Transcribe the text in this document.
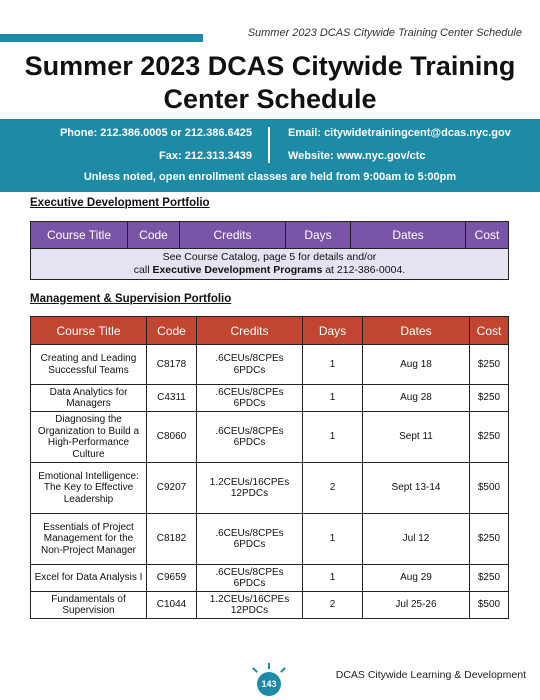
Summer 2023 DCAS Citywide Training Center Schedule
Summer 2023 DCAS Citywide Training
Center Schedule
Phone: 212.386.0005 or 212.386.6425
Fax: 212.313.3439
Email: citywidetrainingcent@dcas.nyc.gov
Website: www.nyc.gov/ctc
Unless noted, open enrollment classes are held from 9:00am to 5:00pm
Executive Development Portfolio
Course Title	Code	Credits	Days	Dates	Cost
See Course Catalog, page 5 for details and/or
call Executive Development Programs at 212-386-0004.
Management & Supervision Portfolio
Course Title	Code	Credits	Days	Dates	Cost
Creating and Leading Successful Teams	C8178	.6CEUs/8CPEs 6PDCs	1	Aug 18	$250
Data Analytics for Managers	C4311	.6CEUs/8CPEs 6PDCs	1	Aug 28	$250
Diagnosing the Organization to Build a High-Performance Culture	C8060	.6CEUs/8CPEs 6PDCs	1	Sept 11	$250
Emotional Intelligence: The Key to Effective Leadership	C9207	1.2CEUs/16CPEs 12PDCs	2	Sept 13-14	$500
Essentials of Project Management for the Non-Project Manager	C8182	.6CEUs/8CPEs 6PDCs	1	Jul 12	$250
Excel for Data Analysis I	C9659	.6CEUs/8CPEs 6PDCs	1	Aug 29	$250
Fundamentals of Supervision	C1044	1.2CEUs/16CPEs 12PDCs	2	Jul 25-26	$500
143
DCAS Citywide Learning & Development
